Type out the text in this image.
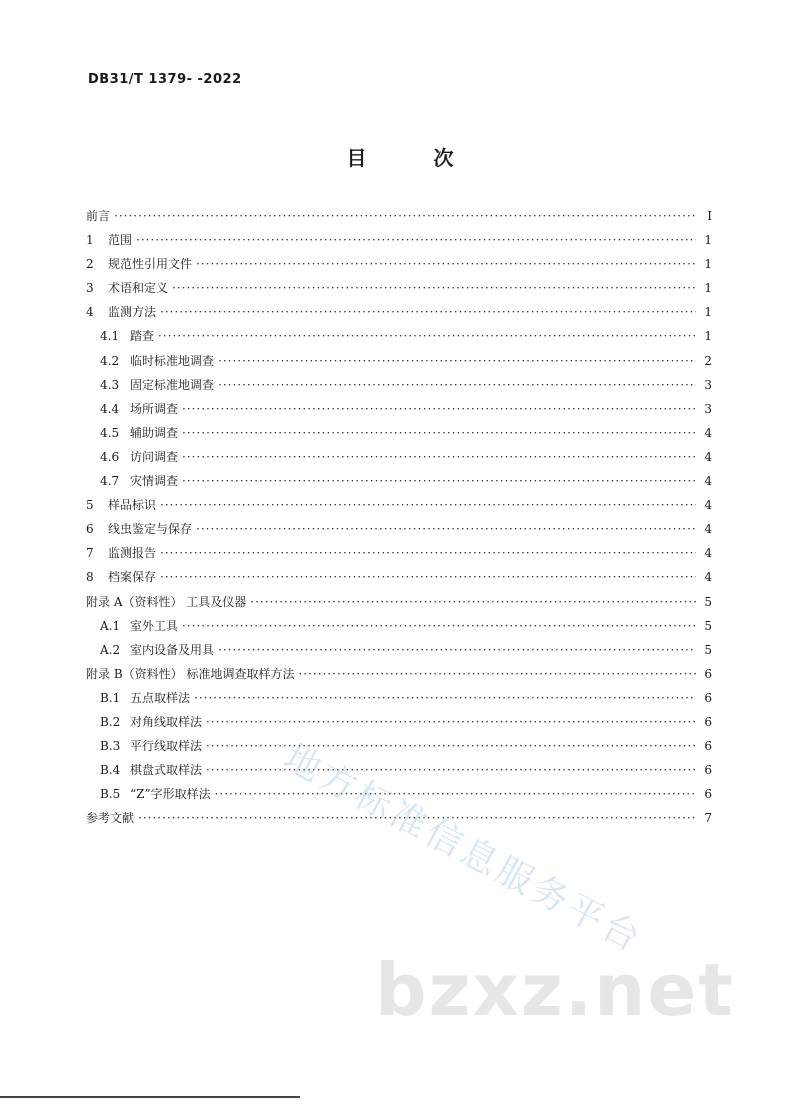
DB31/T 1379- -2022
目 次
前言 ·····	I
1	范围 ·····	1
2	规范性引用文件 ·····	1
3	术语和定义 ·····	1
4	监测方法 ·····	1
4.1 踏查 ·····	1
4.2 临时标准地调查 ·····	2
4.3 固定标准地调查 ·····	3
4.4 场所调查 ·····	3
4.5 辅助调查 ·····	4
4.6 访问调查 ·····	4
4.7 灾情调查 ·····	4
5	样品标识 ·····	4
6	线虫鉴定与保存 ·····	4
7	监测报告 ·····	4
8	档案保存 ·····	4
附录 A（资料性） 工具及仪器 ·····	5
A.1 室外工具 ·····	5
A.2 室内设备及用具 ·····	5
附录 B（资料性） 标准地调查取样方法 ·····	6
B.1 五点取样法 ·····	6
B.2 对角线取样法 ·····	6
B.3 平行线取样法 ·····	6
B.4 棋盘式取样法 ·····	6
B.5 “Z”字形取样法 ·····	6
参考文献 ·····	7
地方标准信息服务平台
bzxz.net
